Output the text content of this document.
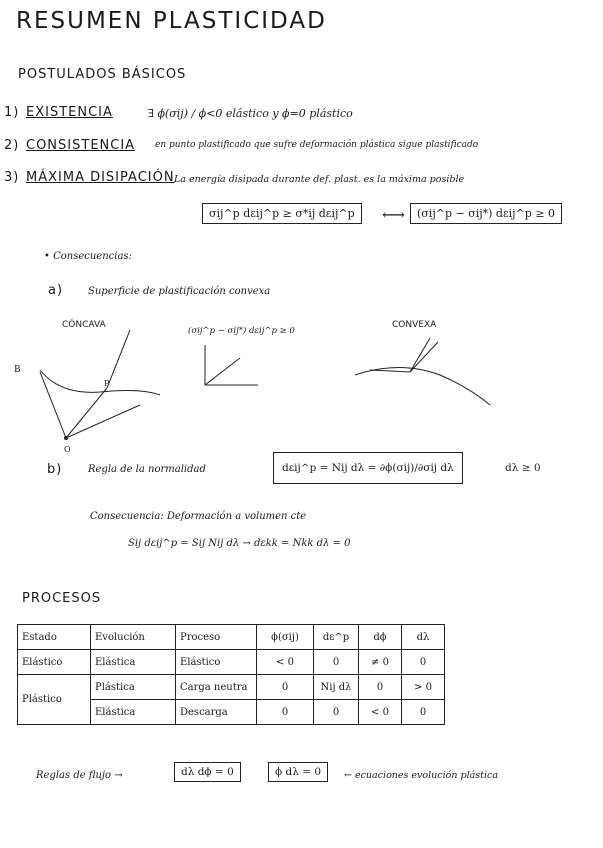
RESUMEN PLASTICIDAD
POSTULADOS BÁSICOS
1) EXISTENCIA	∃ ϕ(σij) / ϕ<0 elástico y ϕ=0 plástico
2) CONSISTENCIA en punto plastificado que sufre deformación plástica sigue plastificado
3) MÁXIMA DISIPACIÓN La energía disipada durante def. plast. es la máxima posible
σij^p dεij^p ≥ σ*ij dεij^p	⟷	(σij^p − σij*) dεij^p ≥ 0
• Consecuencias:
a) Superficie de plastificación convexa
CÓNCAVA
(σij^p − σij*) dεij^p ≥ 0
CONVEXA
B
P
O
b)	Regla de la normalidad	dεij^p = Nij dλ = ∂ϕ(σij)/∂σij dλ	dλ ≥ 0
Consecuencia: Deformación a volumen cte
Sij dεij^p = Sij Nij dλ → dεkk = Nkk dλ = 0
PROCESOS
Estado	Evolución	Proceso	ϕ(σij)	dε^p	dϕ	dλ
Elástico	Elástica	Elástico	< 0	0	≠ 0	0
Plástico	Plástica	Carga neutra	0	Nij dλ	0	> 0
	Elástica	Descarga	0	0	< 0	0
Reglas de flujo →	dλ dϕ = 0	ϕ dλ = 0	← ecuaciones evolución plástica
